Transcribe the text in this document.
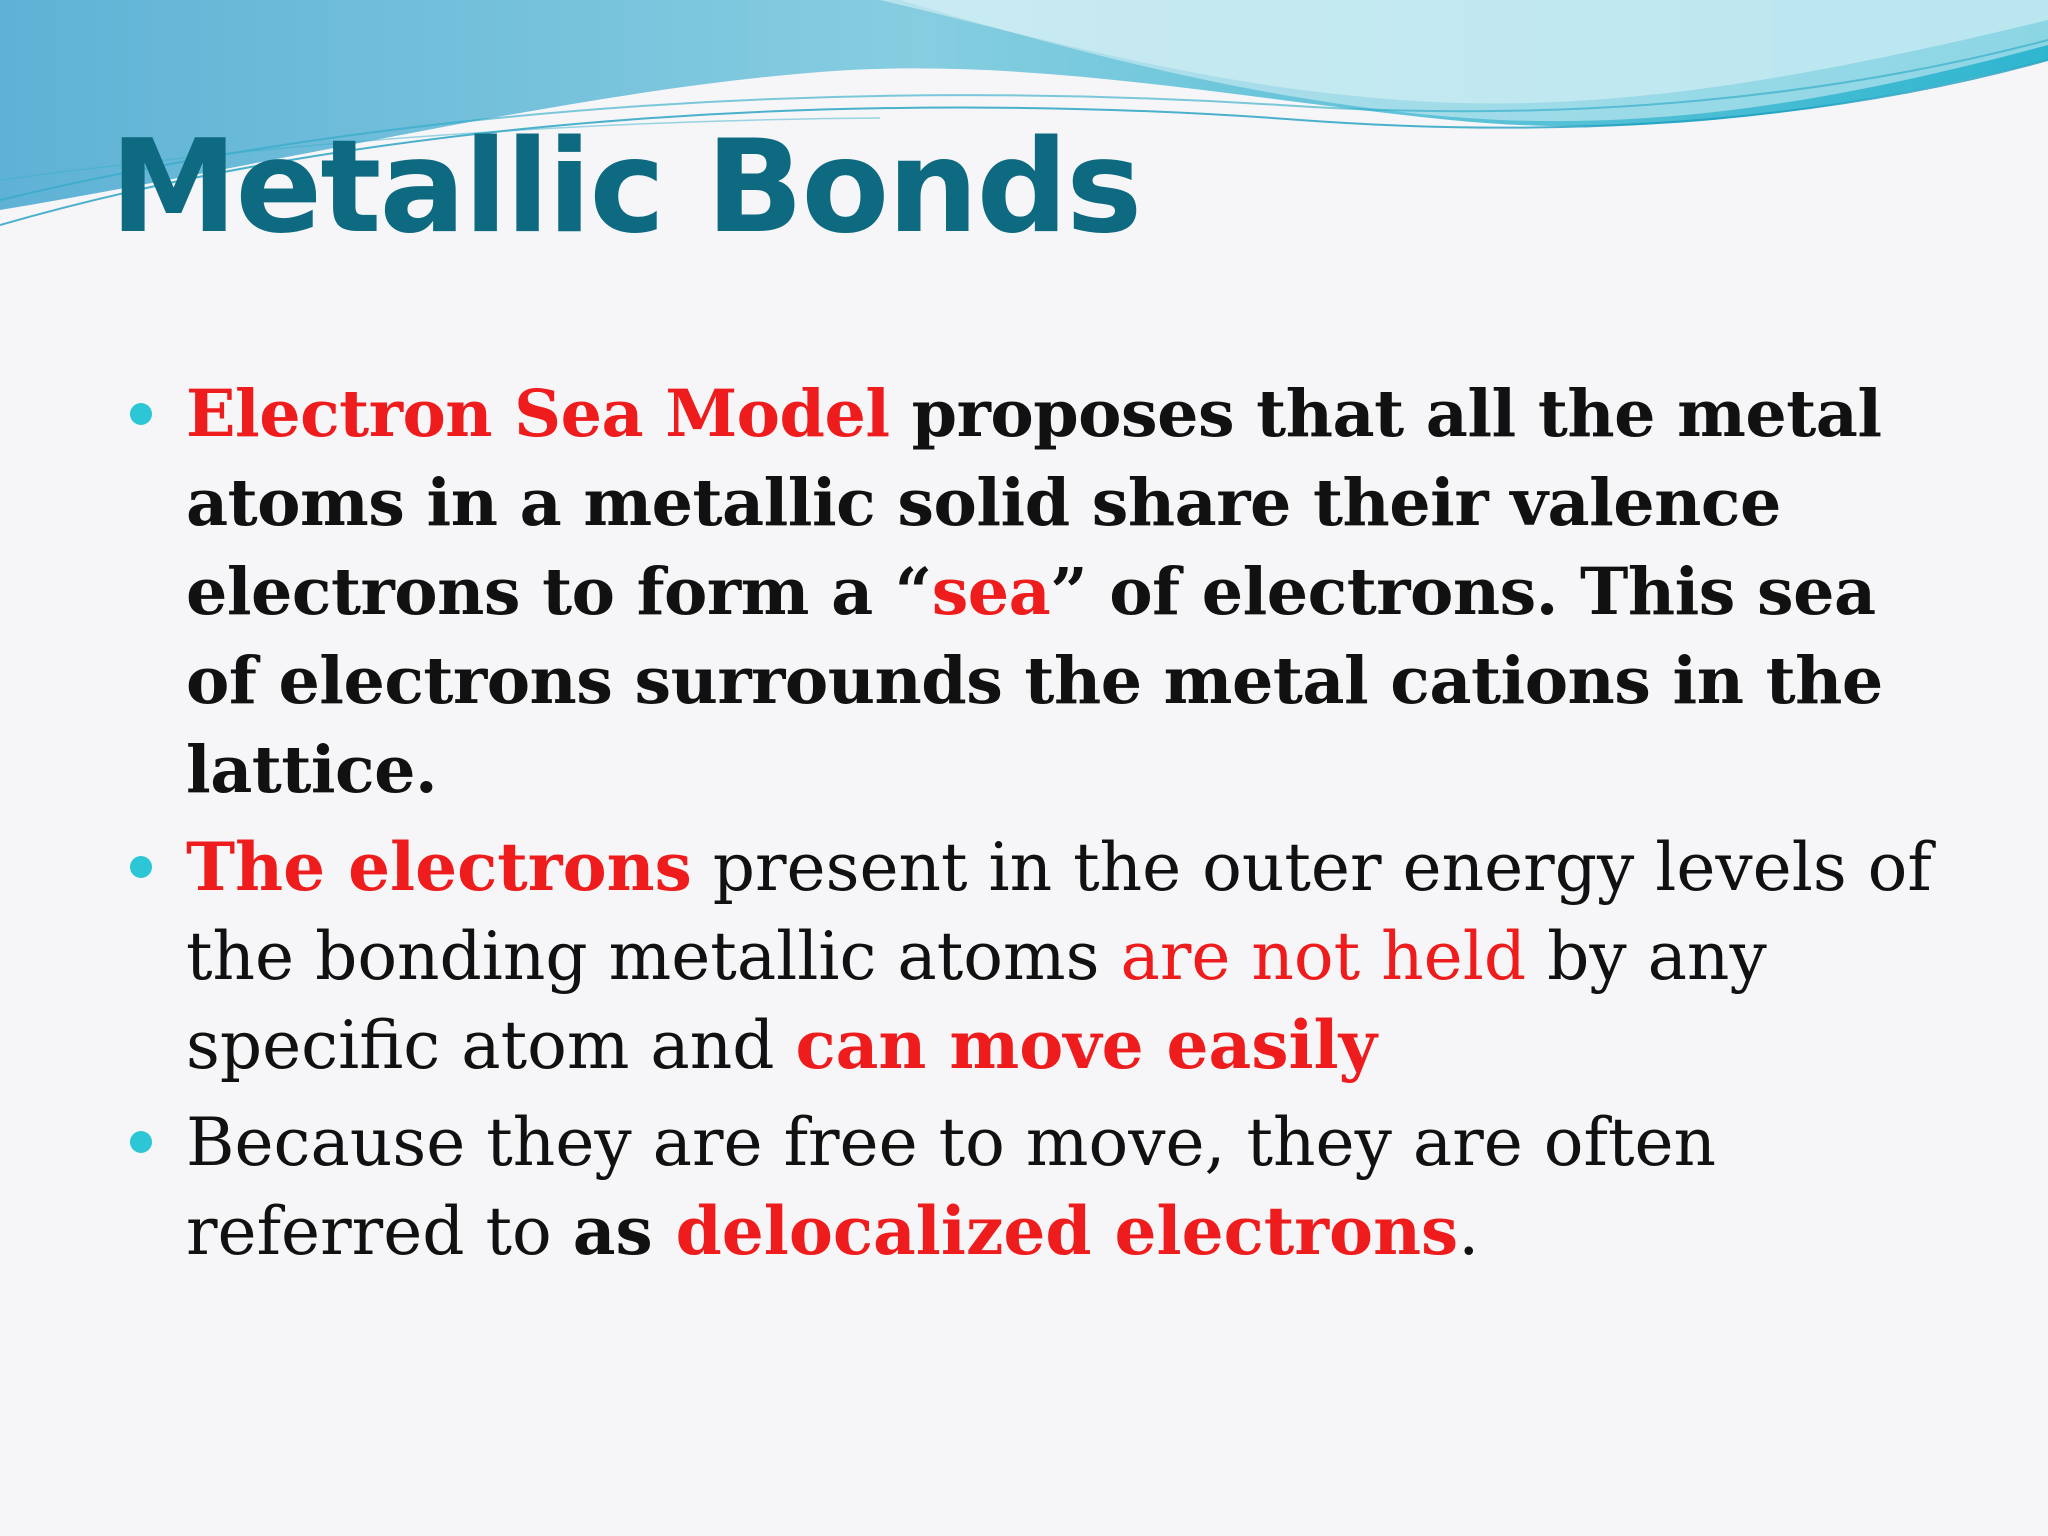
Metallic Bonds
Electron Sea Model proposes that all the metal atoms in a metallic solid share their valence electrons to form a “sea” of electrons. This sea of electrons surrounds the metal cations in the lattice.
The electrons present in the outer energy levels of the bonding metallic atoms are not held by any specific atom and can move easily
Because they are free to move, they are often referred to as delocalized electrons.
